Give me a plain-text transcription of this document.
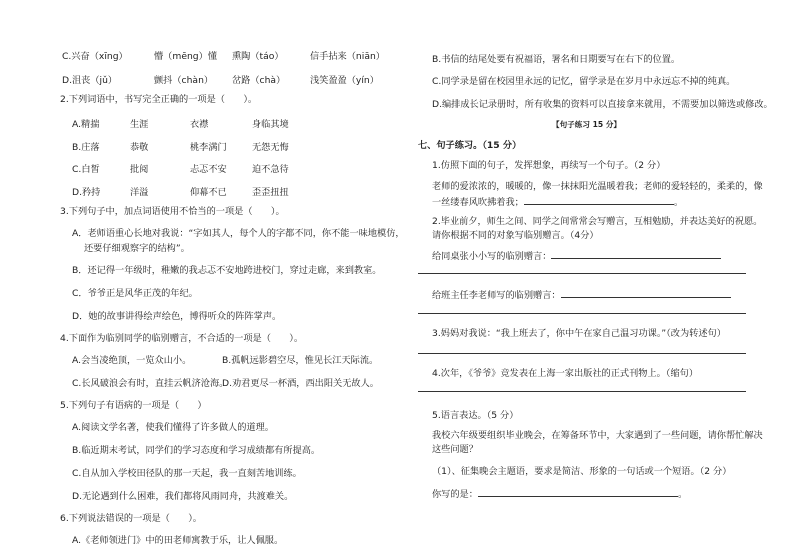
C.兴奋（xīng）	懵（mēng）懂 熏陶（táo）	信手拈来（niān）
D.沮丧（jǔ）	颤抖（chàn） 岔路（chà）	浅笑盈盈（yín）
2.下列词语中，书写完全正确的一项是（　　）。
A.精揣	生涯	衣襟	身临其境
B.庄落	恭敬	桃李满门	无怨无悔
C.白皙	批阅	忐忑不安	迫不急待
D.矜持	洋溢	仰幕不已	歪歪扭扭
3.下列句子中，加点词语使用不恰当的一项是（　　）。
A．老师语重心长地对我说：“字如其人，每个人的字都不同，你不能一味地模仿，
还要仔细观察字的结构”。
B．还记得一年级时，稚嫩的我忐忑不安地跨进校门，穿过走廊，来到教室。
C．爷爷正是风华正茂的年纪。
D．她的故事讲得绘声绘色，博得听众的阵阵掌声。
4.下面作为临别同学的临别赠言，不合适的一项是（　　）。
A.会当凌绝顶，一览众山小。	B.孤帆远影碧空尽，惟见长江天际流。
C.长风破浪会有时，直挂云帆济沧海。
D.劝君更尽一杯酒，西出阳关无故人。
5.下列句子有语病的一项是（　　）
A.阅读文学名著，使我们懂得了许多做人的道理。
B.临近期末考试，同学们的学习态度和学习成绩都有所提高。
C.自从加入学校田径队的那一天起，我一直刻苦地训练。
D.无论遇到什么困难，我们都将风雨同舟，共渡难关。
6.下列说法错误的一项是（　　）。
A.《老师领进门》中的田老师寓教于乐，让人佩服。
B.书信的结尾处要有祝福语，署名和日期要写在右下的位置。
C.同学录是留在校园里永远的记忆，留学录是在岁月中永远忘不掉的纯真。
D.编排成长记录册时，所有收集的资料可以直接拿来就用，不需要加以筛选或修改。
【句子练习 15 分】
七、句子练习。（15 分）
1.仿照下面的句子，发挥想象，再续写一个句子。（2 分）
老师的爱浓浓的，暖暖的，像一抹抹阳光温暖着我；老师的爱轻轻的，柔柔的，像
一丝缕春风吹拂着我；	。
2.毕业前夕，师生之间、同学之间常常会写赠言，互相勉励，并表达美好的祝愿。
请你根据不同的对象写临别赠言。（4分）
给同桌张小小写的临别赠言：
给班主任李老师写的临别赠言：
3.妈妈对我说：“我上班去了，你中午在家自己温习功课。”（改为转述句）
4.次年，《爷爷》竞发表在上海一家出版社的正式刊物上。（缩句）
5.语言表达。（5 分）
我校六年级要组织毕业晚会，在筹备环节中，大家遇到了一些问题，请你帮忙解决
这些问题？
（1）、征集晚会主题语，要求是简洁、形象的一句话或一个短语。（2 分）
你写的是：	。
